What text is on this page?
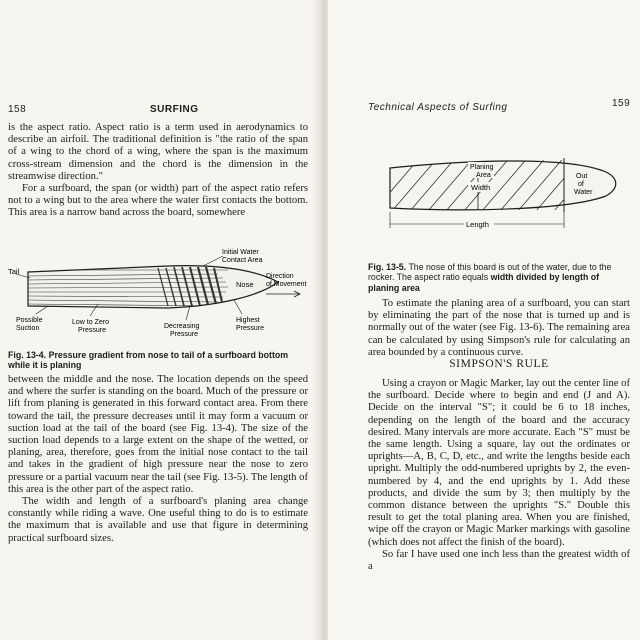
158	SURFING

is the aspect ratio. Aspect ratio is a term used in aerodynamics to describe an airfoil. The traditional definition is "the ratio of the span of a wing to the chord of a wing, where the span is the maximum cross-stream dimension and the chord is the dimension in the streamwise direction."

For a surfboard, the span (or width) part of the aspect ratio refers not to a wing but to the area where the water first contacts the bottom. This area is a narrow band across the board, somewhere

Initial Water
Contact Area
Tail
Nose
Direction
of Movement
Possible
Suction
Low to Zero
Pressure
Decreasing
Pressure
Highest
Pressure
Fig. 13-4. Pressure gradient from nose to tail of a surfboard bottom while it is planing

between the middle and the nose. The location depends on the speed and where the surfer is standing on the board. Much of the pressure or lift from planing is generated in this forward contact area. From there toward the tail, the pressure decreases until it may form a vacuum or suction load at the tail of the board (see Fig. 13-4). The size of the suction load depends to a large extent on the shape of the wetted, or planing, area, therefore, goes from the initial nose contact to the tail and takes in the gradient of high pressure near the nose to zero pressure or a partial vacuum near the tail (see Fig. 13-5). The length of this area is the other part of the aspect ratio.

The width and length of a surfboard's planing area change constantly while riding a wave. One useful thing to do is to estimate the maximum that is available and use that figure in determining practical surfboard sizes.

Technical Aspects of Surfing	159
Planing
Area
Width
Out
of
Water
Length
Fig. 13-5. The nose of this board is out of the water, due to the rocker. The aspect ratio equals width divided by length of planing area

To estimate the planing area of a surfboard, you can start by eliminating the part of the nose that is turned up and is normally out of the water (see Fig. 13-6). The remaining area can be calculated by using Simpson's rule for calculating an area bounded by a continuous curve.

SIMPSON'S RULE

Using a crayon or Magic Marker, lay out the center line of the surfboard. Decide where to begin and end (J and A). Decide on the interval "S"; it could be 6 to 18 inches, depending on the length of the board and the accuracy desired. Many intervals are more accurate. Each "S" must be the same length. Using a square, lay out the ordinates or uprights—A, B, C, D, etc., and write the lengths beside each upright. Multiply the odd-numbered uprights by 2, the even-numbered by 4, and the end uprights by 1. Add these products, and divide the sum by 3; then multiply by the common distance between the uprights "S." Double this result to get the total planing area. When you are finished, wipe off the crayon or Magic Marker markings with gasoline (which does not affect the finish of the board).

So far I have used one inch less than the greatest width of a
